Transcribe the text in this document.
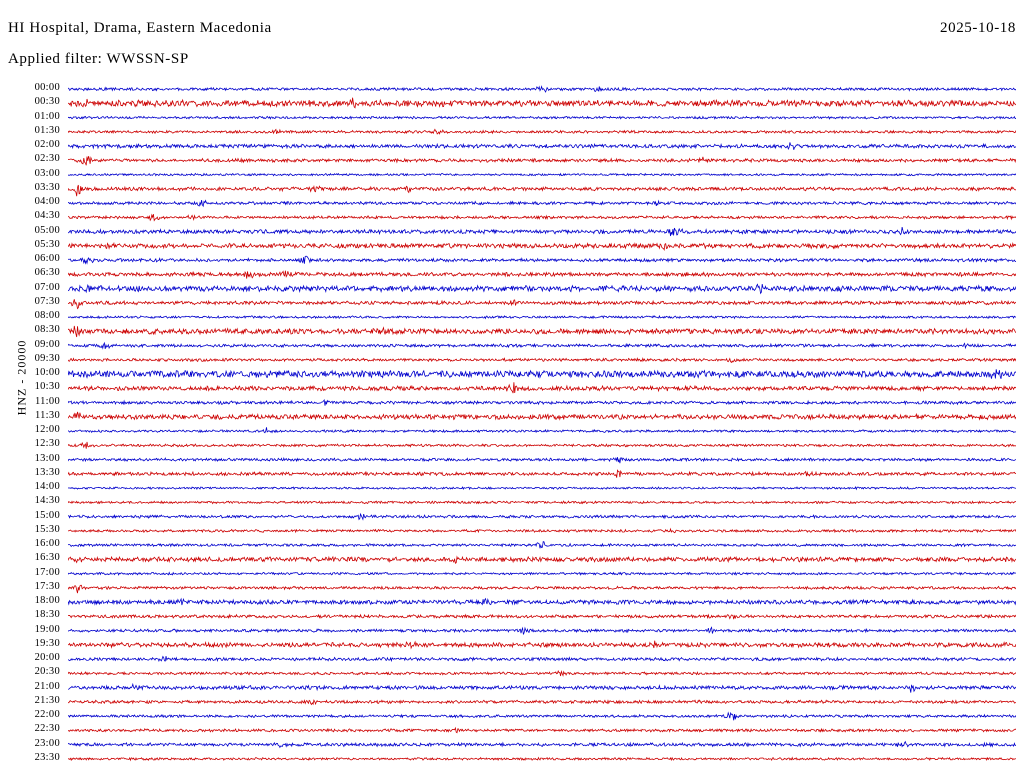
HI Hospital, Drama, Eastern Macedonia	2025-10-18
Applied filter: WWSSN-SP
HNZ - 20000
00:00
00:30
01:00
01:30
02:00
02:30
03:00
03:30
04:00
04:30
05:00
05:30
06:00
06:30
07:00
07:30
08:00
08:30
09:00
09:30
10:00
10:30
11:00
11:30
12:00
12:30
13:00
13:30
14:00
14:30
15:00
15:30
16:00
16:30
17:00
17:30
18:00
18:30
19:00
19:30
20:00
20:30
21:00
21:30
22:00
22:30
23:00
23:30
